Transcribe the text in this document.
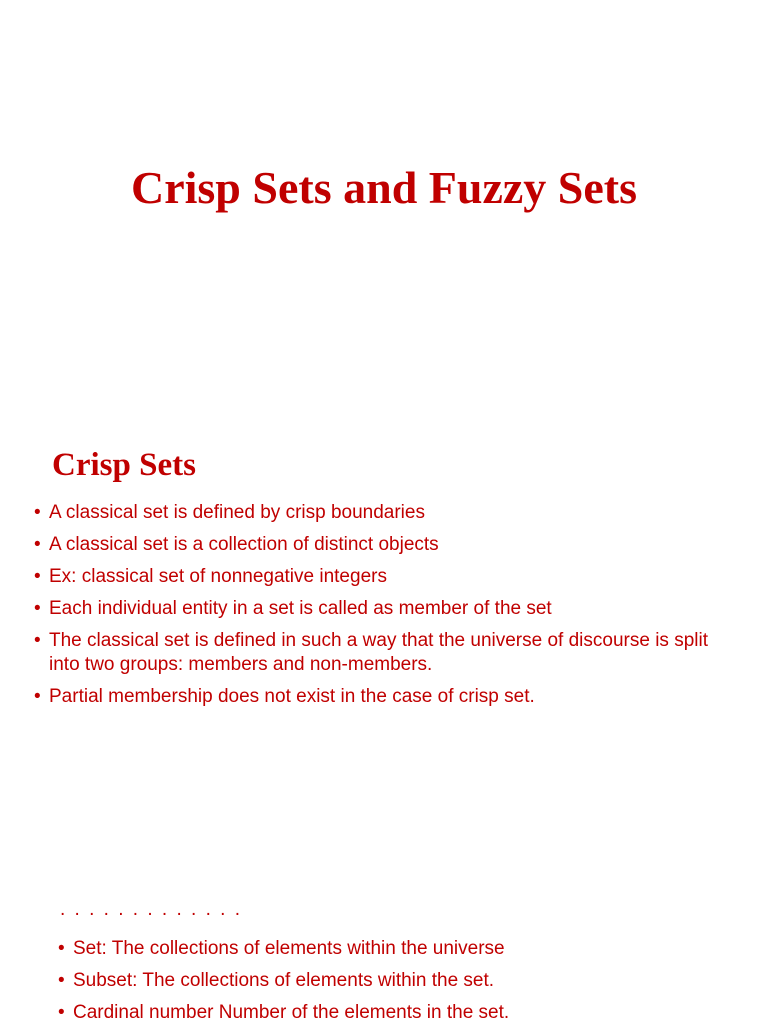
Crisp Sets and Fuzzy Sets
Crisp Sets
• A classical set is defined by crisp boundaries
• A classical set is a collection of distinct objects
• Ex: classical set of nonnegative integers
• Each individual entity in a set is called as member of the set
• The classical set is defined in such a way that the universe of discourse is split into two groups: members and non-members.
• Partial membership does not exist in the case of crisp set.
. . . . . . . . . . . . .
• Set: The collections of elements within the universe
• Subset: The collections of elements within the set.
• Cardinal number Number of the elements in the set.
